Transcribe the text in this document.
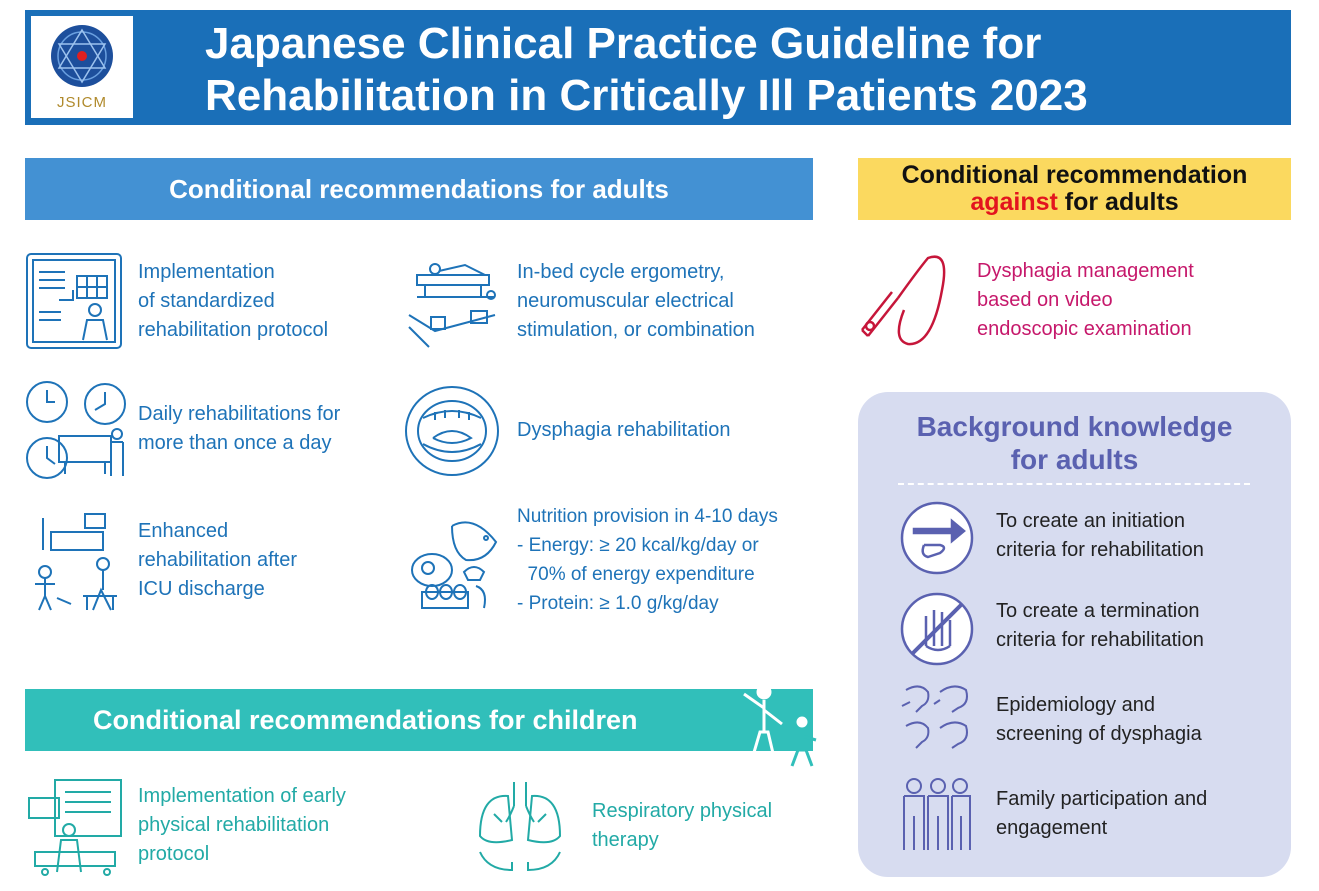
JSICM
Japanese Clinical Practice Guideline for
Rehabilitation in Critically Ill Patients 2023
Conditional recommendations for adults	Conditional recommendation
against for adults
Implementation
of standardized
rehabilitation protocol
In-bed cycle ergometry,
neuromuscular electrical
stimulation, or combination
Daily rehabilitations for
more than once a day
Dysphagia rehabilitation
Enhanced
rehabilitation after
ICU discharge
Nutrition provision in 4-10 days
- Energy: ≥ 20 kcal/kg/day or
70% of energy expenditure
- Protein: ≥ 1.0 g/kg/day
Dysphagia management
based on video
endoscopic examination
Background knowledge
for adults
To create an initiation
criteria for rehabilitation
To create a termination
criteria for rehabilitation
Epidemiology and
screening of dysphagia
Family participation and
engagement
Conditional recommendations for children
Implementation of early
physical rehabilitation
protocol
Respiratory physical
therapy
